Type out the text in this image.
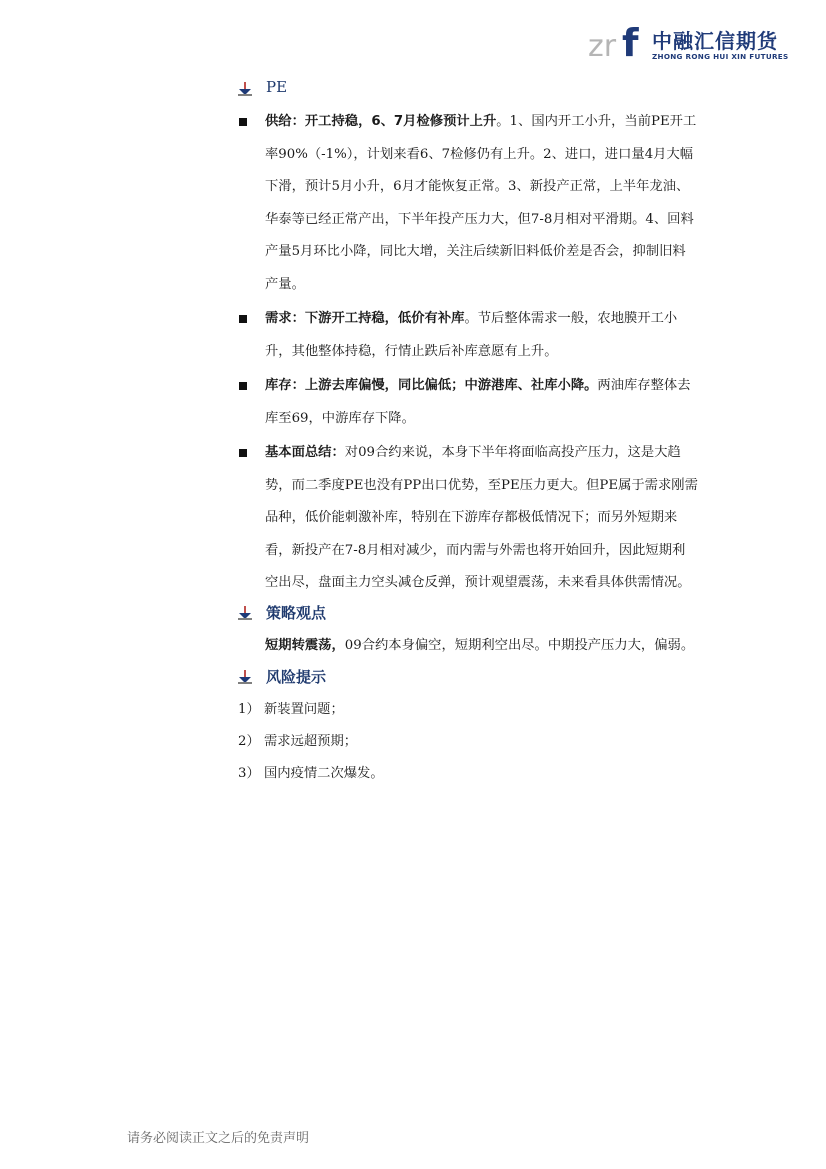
zr f 中融汇信期货
ZHONG RONG HUI XIN FUTURES
PE
供给：开工持稳，6、7月检修预计上升。1、国内开工小升，当前PE开工率90%（-1%），计划来看6、7检修仍有上升。2、进口，进口量4月大幅下滑，预计5月小升，6月才能恢复正常。3、新投产正常，上半年龙油、华泰等已经正常产出，下半年投产压力大，但7-8月相对平滑期。4、回料产量5月环比小降，同比大增，关注后续新旧料低价差是否会，抑制旧料产量。
需求：下游开工持稳，低价有补库。节后整体需求一般，农地膜开工小升，其他整体持稳，行情止跌后补库意愿有上升。
库存：上游去库偏慢，同比偏低；中游港库、社库小降。两油库存整体去库至69，中游库存下降。
基本面总结：对09合约来说，本身下半年将面临高投产压力，这是大趋势，而二季度PE也没有PP出口优势，至PE压力更大。但PE属于需求刚需品种，低价能刺激补库，特别在下游库存都极低情况下；而另外短期来看，新投产在7-8月相对减少，而内需与外需也将开始回升，因此短期利空出尽，盘面主力空头减仓反弹，预计观望震荡，未来看具体供需情况。
策略观点
短期转震荡，09合约本身偏空，短期利空出尽。中期投产压力大，偏弱。
风险提示
1） 新装置问题；
2） 需求远超预期；
3） 国内疫情二次爆发。
请务必阅读正文之后的免责声明
